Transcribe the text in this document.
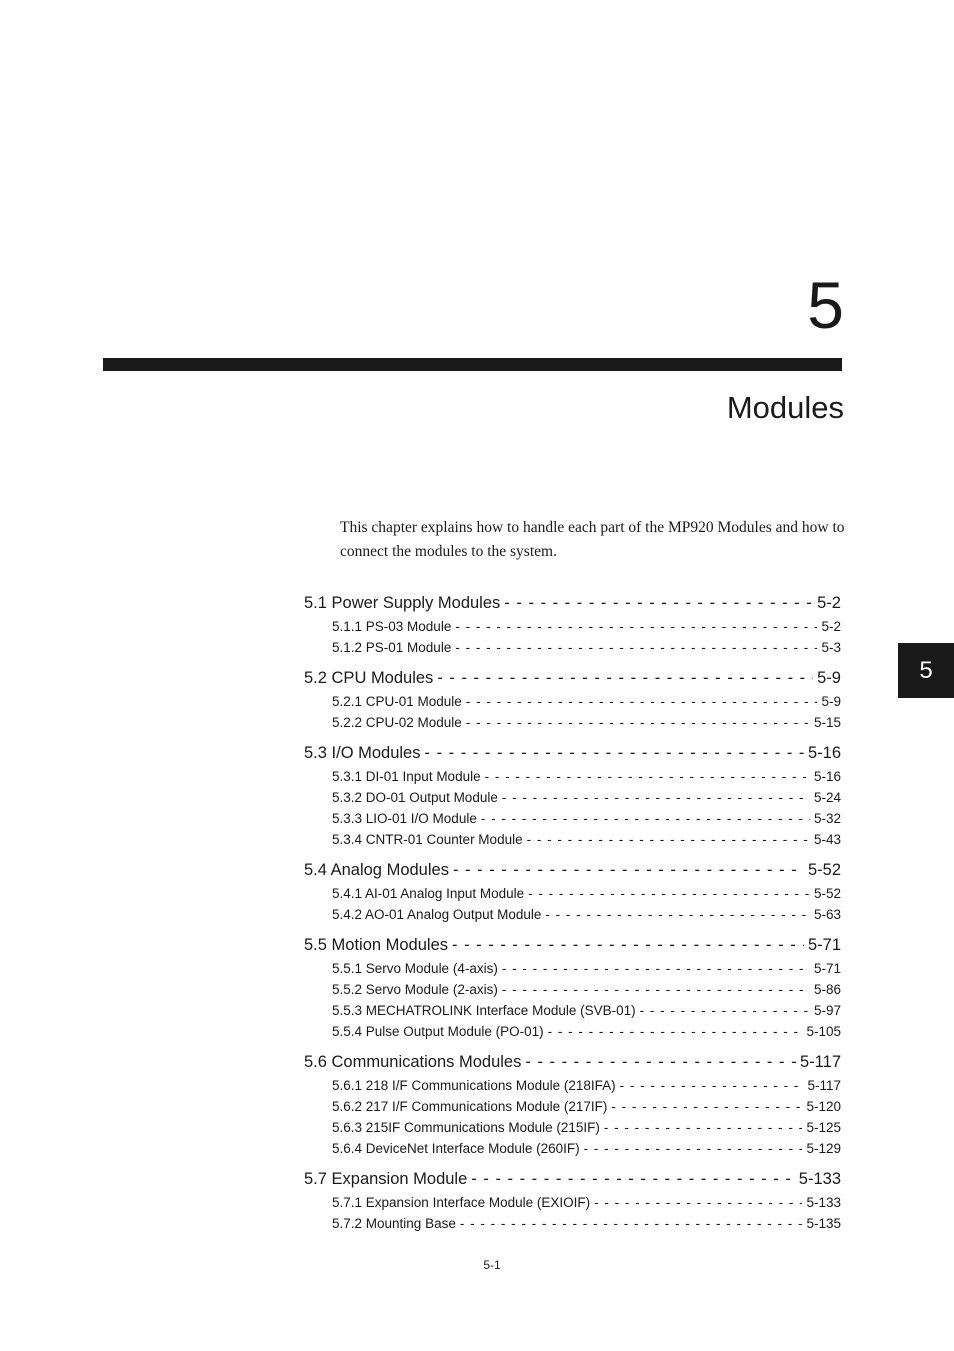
5
Modules
This chapter explains how to handle each part of the MP920 Modules and how to connect the modules to the system.
5.1 Power Supply Modules - - -	5-2
5.1.1 PS-03 Module - - -	5-2
5.1.2 PS-01 Module - - -	5-3
5.2 CPU Modules - - -	5-9
5.2.1 CPU-01 Module - - -	5-9
5.2.2 CPU-02 Module - - -	5-15
5.3 I/O Modules - - -	5-16
5.3.1 DI-01 Input Module - - -	5-16
5.3.2 DO-01 Output Module - - -	5-24
5.3.3 LIO-01 I/O Module - - -	5-32
5.3.4 CNTR-01 Counter Module - - -	5-43
5.4 Analog Modules - - -	5-52
5.4.1 AI-01 Analog Input Module - - -	5-52
5.4.2 AO-01 Analog Output Module - - -	5-63
5.5 Motion Modules - - -	5-71
5.5.1 Servo Module (4-axis) - - -	5-71
5.5.2 Servo Module (2-axis) - - -	5-86
5.5.3 MECHATROLINK Interface Module (SVB-01) - - -	5-97
5.5.4 Pulse Output Module (PO-01) - - -	5-105
5.6 Communications Modules - - -	5-117
5.6.1 218 I/F Communications Module (218IFA) - - -	5-117
5.6.2 217 I/F Communications Module (217IF) - - -	5-120
5.6.3 215IF Communications Module (215IF) - - -	5-125
5.6.4 DeviceNet Interface Module (260IF) - - -	5-129
5.7 Expansion Module - - -	5-133
5.7.1 Expansion Interface Module (EXIOIF) - - -	5-133
5.7.2 Mounting Base - - -	5-135
5
5-1
